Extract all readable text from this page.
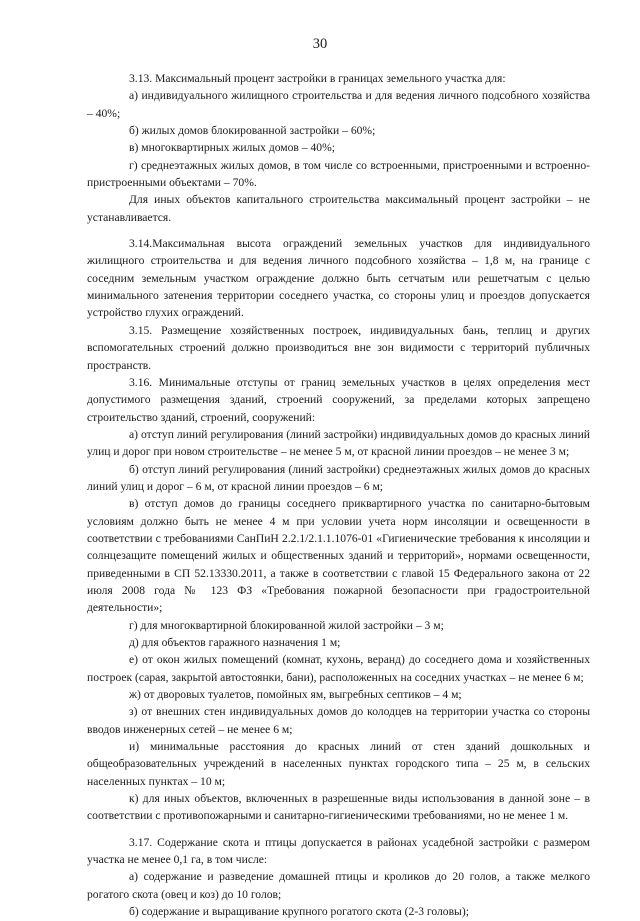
30

3.13. Максимальный процент застройки в границах земельного участка для:

а) индивидуального жилищного строительства и для ведения личного подсобного хозяйства – 40%;

б) жилых домов блокированной застройки – 60%;

в) многоквартирных жилых домов – 40%;

г) среднеэтажных жилых домов, в том числе со встроенными, пристроенными и встроенно-пристроенными объектами – 70%.

Для иных объектов капитального строительства максимальный процент застройки – не устанавливается.

3.14.Максимальная высота ограждений земельных участков для индивидуального жилищного строительства и для ведения личного подсобного хозяйства – 1,8 м, на границе с соседним земельным участком ограждение должно быть сетчатым или решетчатым с целью минимального затенения территории соседнего участка, со стороны улиц и проездов допускается устройство глухих ограждений.

3.15. Размещение хозяйственных построек, индивидуальных бань, теплиц и других вспомогательных строений должно производиться вне зон видимости с территорий публичных пространств.

3.16. Минимальные отступы от границ земельных участков в целях определения мест допустимого размещения зданий, строений сооружений, за пределами которых запрещено строительство зданий, строений, сооружений:

а) отступ линий регулирования (линий застройки) индивидуальных домов до красных линий улиц и дорог при новом строительстве – не менее 5 м, от красной линии проездов – не менее 3 м;

б) отступ линий регулирования (линий застройки) среднеэтажных жилых домов до красных линий улиц и дорог – 6 м, от красной линии проездов – 6 м;

в) отступ домов до границы соседнего приквартирного участка по санитарно-бытовым условиям должно быть не менее 4 м при условии учета норм инсоляции и освещенности в соответствии с требованиями СанПиН 2.2.1/2.1.1.1076-01 «Гигиенические требования к инсоляции и солнцезащите помещений жилых и общественных зданий и территорий», нормами освещенности, приведенными в СП 52.13330.2011, а также в соответствии с главой 15 Федерального закона от 22 июля 2008 года № 123 ФЗ «Требования пожарной безопасности при градостроительной деятельности»;

г) для многоквартирной блокированной жилой застройки – 3 м;

д) для объектов гаражного назначения 1 м;

е) от окон жилых помещений (комнат, кухонь, веранд) до соседнего дома и хозяйственных построек (сарая, закрытой автостоянки, бани), расположенных на соседних участках – не менее 6 м;

ж) от дворовых туалетов, помойных ям, выгребных септиков – 4 м;

з) от внешних стен индивидуальных домов до колодцев на территории участка со стороны вводов инженерных сетей – не менее 6 м;

и) минимальные расстояния до красных линий от стен зданий дошкольных и общеобразовательных учреждений в населенных пунктах городского типа – 25 м, в сельских населенных пунктах – 10 м;

к) для иных объектов, включенных в разрешенные виды использования в данной зоне – в соответствии с противопожарными и санитарно-гигиеническими требованиями, но не менее 1 м.

3.17. Содержание скота и птицы допускается в районах усадебной застройки с размером участка не менее 0,1 га, в том числе:

а) содержание и разведение домашней птицы и кроликов до 20 голов, а также мелкого рогатого скота (овец и коз) до 10 голов;

б) содержание и выращивание крупного рогатого скота (2-3 головы);
